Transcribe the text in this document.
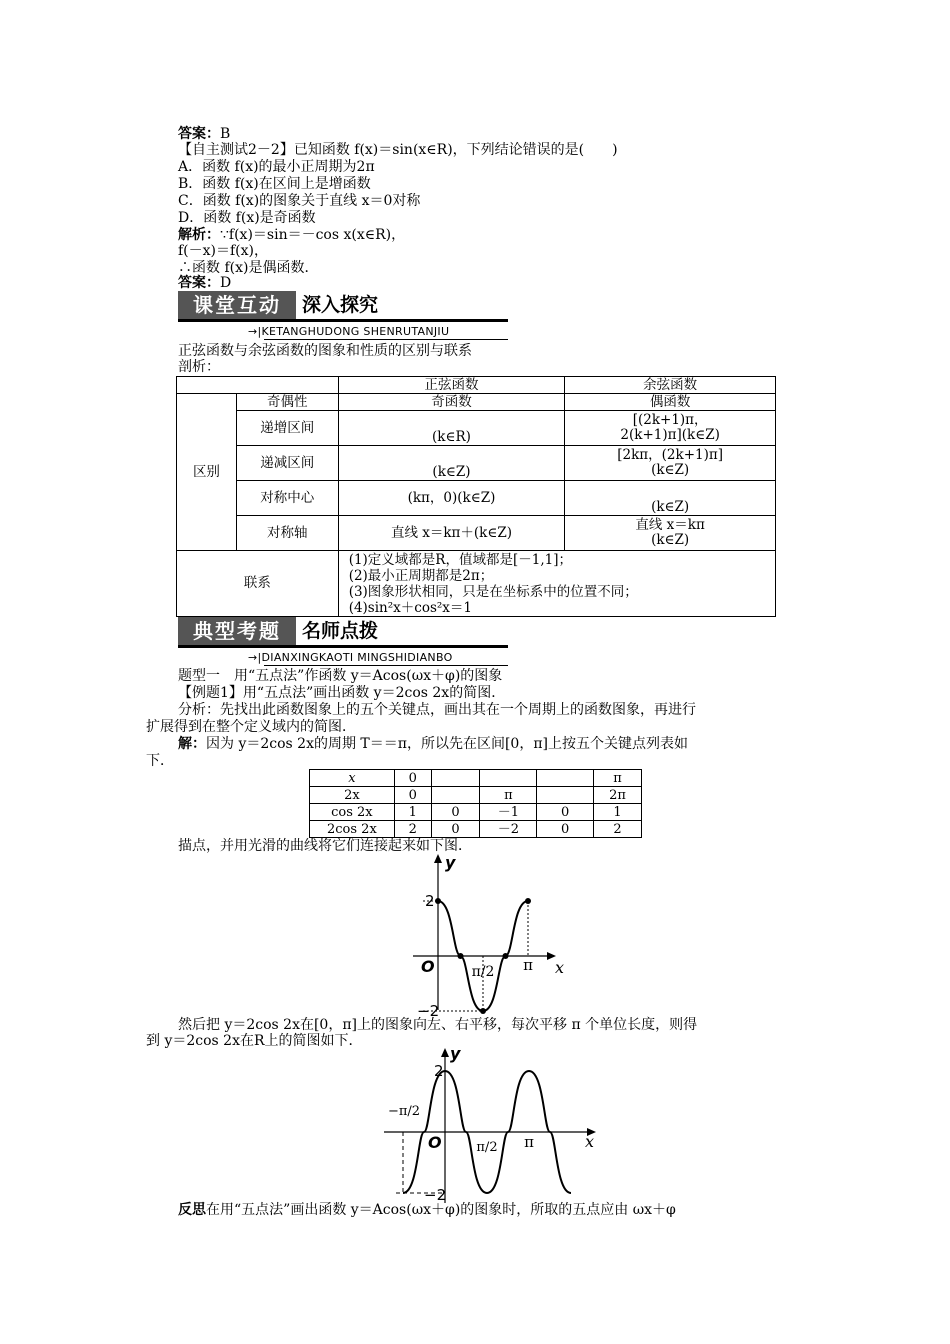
答案：B
【自主测试2－2】已知函数 f(x)＝sin(x∈R)，下列结论错误的是(　　)
A．函数 f(x)的最小正周期为2π
B．函数 f(x)在区间上是增函数
C．函数 f(x)的图象关于直线 x＝0对称
D．函数 f(x)是奇函数
解析：∵f(x)＝sin＝－cos x(x∈R)，
f(－x)＝f(x)，
∴函数 f(x)是偶函数．
答案：D
课堂互动	深入探究
→|KETANGHUDONG SHENRUTANJIU
正弦函数与余弦函数的图象和性质的区别与联系
剖析：
		正弦函数	余弦函数
区别	奇偶性	奇函数	偶函数
	递增区间	(k∈R)	[(2k+1)π，
2(k+1)π](k∈Z)

	递减区间	(k∈Z)	[2kπ，(2k+1)π]
(k∈Z)

	对称中心	(kπ，0)(k∈Z)	(k∈Z)
	对称轴	直线 x＝kπ＋(k∈Z)	直线 x＝kπ
(k∈Z)

联系		(1)定义域都是R，值域都是[－1,1]；
(2)最小正周期都是2π；
(3)图象形状相同，只是在坐标系中的位置不同；
(4)sin²x＋cos²x＝1	
典型考题	名师点拨
→|DIANXINGKAOTI MINGSHIDIANBO
题型一　用“五点法”作函数 y＝Acos(ωx＋φ)的图象
【例题1】用“五点法”画出函数 y＝2cos 2x的简图．
分析：先找出此函数图象上的五个关键点，画出其在一个周期上的函数图象，再进行
扩展得到在整个定义域内的简图．
解：因为 y＝2cos 2x的周期 T＝＝π，所以先在区间[0，π]上按五个关键点列表如
下．
x	0				π
2x	0		π		2π
cos 2x	1	0	－1	0	1
2cos 2x	2	0	－2	0	2
描点，并用光滑的曲线将它们连接起来如下图．
y
x
O
2
−2
π/2 π
然后把 y＝2cos 2x在[0，π]上的图象向左、右平移，每次平移 π 个单位长度，则得
到 y＝2cos 2x在R上的简图如下．
y
x
O
2
−2
−π/2
π/2 π
反思在用“五点法”画出函数 y＝Acos(ωx＋φ)的图象时，所取的五点应由 ωx＋φ
